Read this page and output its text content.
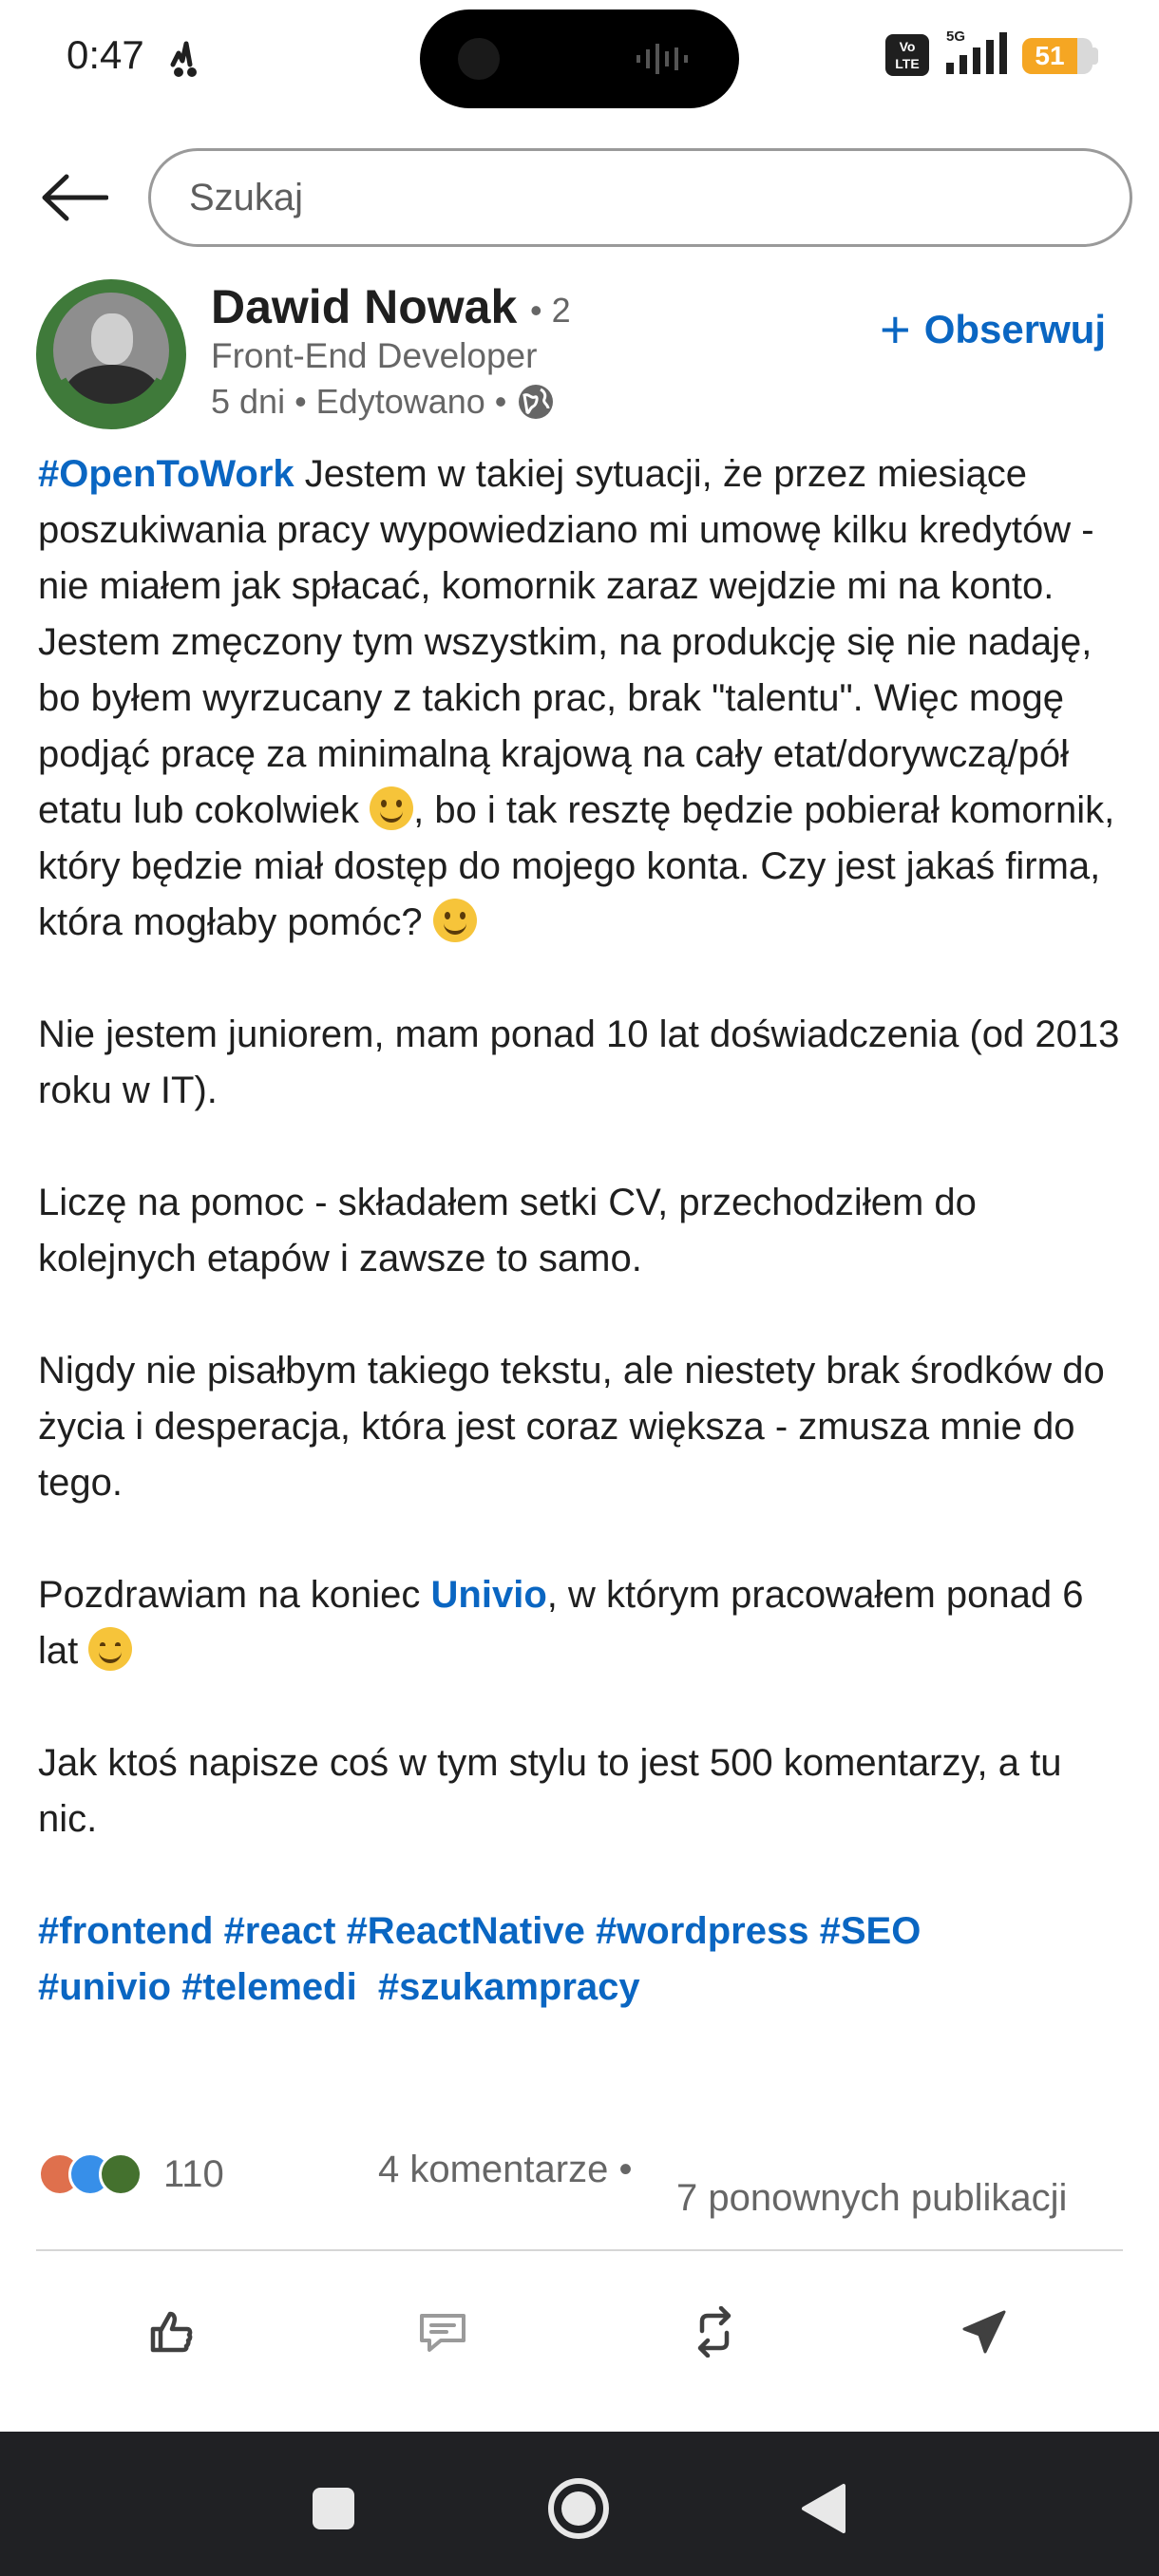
0:47	Vo
LTE
5G
51
Szukaj
Dawid Nowak • 2
Front-End Developer
5 dni • Edytowano •
+ Obserwuj

#OpenToWork Jestem w takiej sytuacji, że przez miesiące poszukiwania pracy wypowiedziano mi umowę kilku kredytów - nie miałem jak spłacać, komornik zaraz wejdzie mi na konto. Jestem zmęczony tym wszystkim, na produkcję się nie nadaję, bo byłem wyrzucany z takich prac, brak "talentu". Więc mogę podjąć pracę za minimalną krajową na cały etat/dorywczą/pół etatu lub cokolwiek , bo i tak resztę będzie pobierał komornik, który będzie miał dostęp do mojego konta. Czy jest jakaś firma, która mogłaby pomóc?

Nie jestem juniorem, mam ponad 10 lat doświadczenia (od 2013 roku w IT).

Liczę na pomoc - składałem setki CV, przechodziłem do kolejnych etapów i zawsze to samo.

Nigdy nie pisałbym takiego tekstu, ale niestety brak środków do życia i desperacja, która jest coraz większa - zmusza mnie do tego.

Pozdrawiam na koniec Univio, w którym pracowałem ponad 6 lat

Jak ktoś napisze coś w tym stylu to jest 500 komentarzy, a tu nic.

#frontend #react #ReactNative #wordpress #SEO
#univio #telemedi #szukampracy

110	4 komentarze •
7 ponownych publikacji
